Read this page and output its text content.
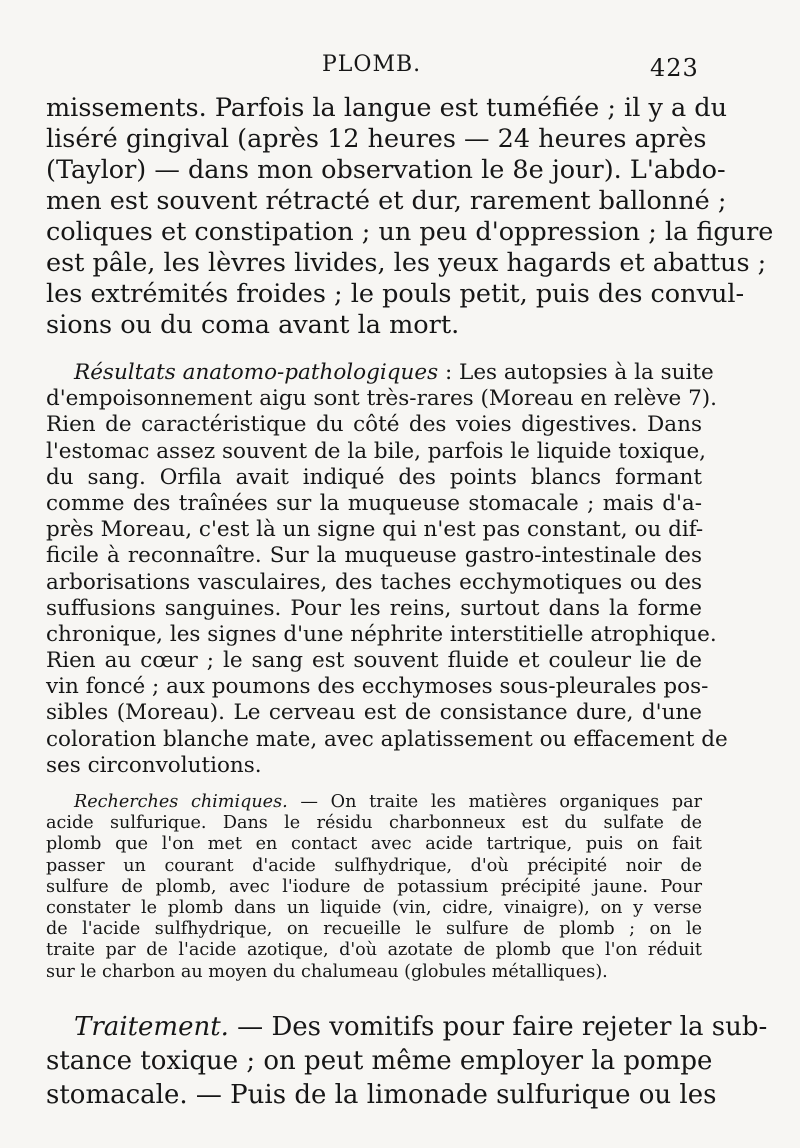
PLOMB.	423
missements. Parfois la langue est tuméfiée ; il y a du
liséré gingival (après 12 heures — 24 heures après
(Taylor) — dans mon observation le 8e jour). L'abdo-
men est souvent rétracté et dur, rarement ballonné ;
coliques et constipation ; un peu d'oppression ; la figure
est pâle, les lèvres livides, les yeux hagards et abattus ;
les extrémités froides ; le pouls petit, puis des convul-
sions ou du coma avant la mort.
Résultats anatomo-pathologiques : Les autopsies à la suite
d'empoisonnement aigu sont très-rares (Moreau en relève 7).
Rien de caractéristique du côté des voies digestives. Dans
l'estomac assez souvent de la bile, parfois le liquide toxique,
du sang. Orfila avait indiqué des points blancs formant
comme des traînées sur la muqueuse stomacale ; mais d'a-
près Moreau, c'est là un signe qui n'est pas constant, ou dif-
ficile à reconnaître. Sur la muqueuse gastro-intestinale des
arborisations vasculaires, des taches ecchymotiques ou des
suffusions sanguines. Pour les reins, surtout dans la forme
chronique, les signes d'une néphrite interstitielle atrophique.
Rien au cœur ; le sang est souvent fluide et couleur lie de
vin foncé ; aux poumons des ecchymoses sous-pleurales pos-
sibles (Moreau). Le cerveau est de consistance dure, d'une
coloration blanche mate, avec aplatissement ou effacement de
ses circonvolutions.
Recherches chimiques. — On traite les matières organiques par
acide sulfurique. Dans le résidu charbonneux est du sulfate de
plomb que l'on met en contact avec acide tartrique, puis on fait
passer un courant d'acide sulfhydrique, d'où précipité noir de
sulfure de plomb, avec l'iodure de potassium précipité jaune. Pour
constater le plomb dans un liquide (vin, cidre, vinaigre), on y verse
de l'acide sulfhydrique, on recueille le sulfure de plomb ; on le
traite par de l'acide azotique, d'où azotate de plomb que l'on réduit
sur le charbon au moyen du chalumeau (globules métalliques).
Traitement. — Des vomitifs pour faire rejeter la sub-
stance toxique ; on peut même employer la pompe
stomacale. — Puis de la limonade sulfurique ou les
